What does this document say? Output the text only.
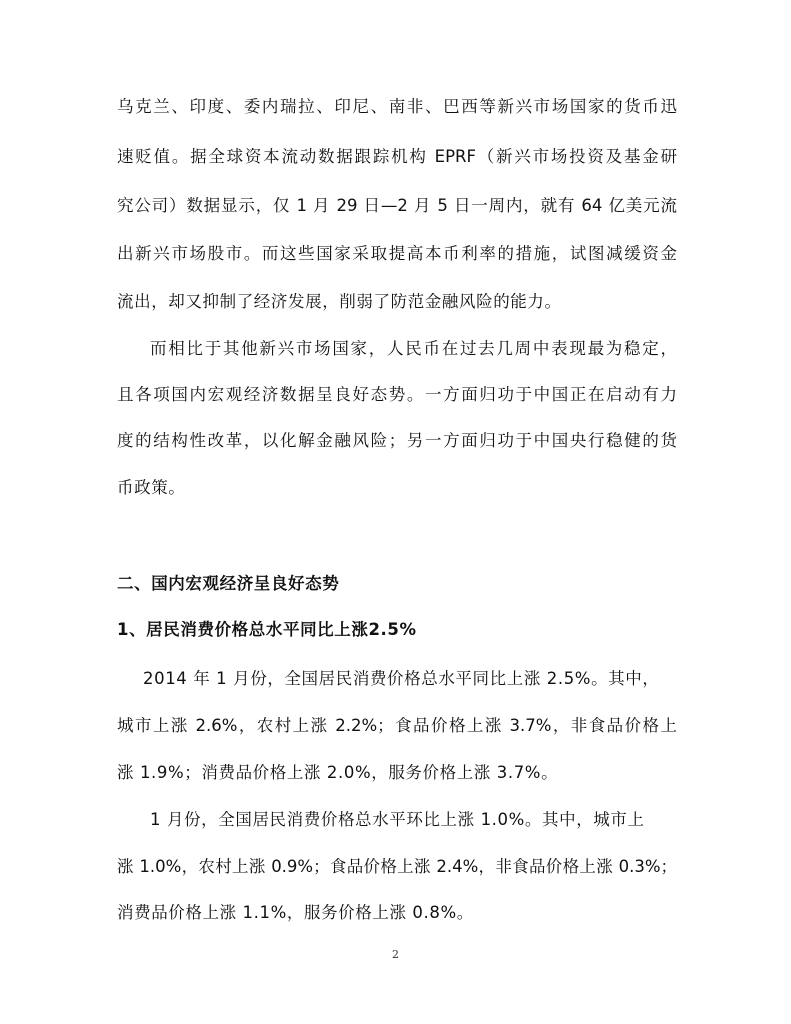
乌克兰、印度、委内瑞拉、印尼、南非、巴西等新兴市场国家的货币迅
速贬值。据全球资本流动数据跟踪机构 EPRF（新兴市场投资及基金研
究公司）数据显示，仅 1 月 29 日—2 月 5 日一周内，就有 64 亿美元流
出新兴市场股市。而这些国家采取提高本币利率的措施，试图减缓资金
流出，却又抑制了经济发展，削弱了防范金融风险的能力。
而相比于其他新兴市场国家，人民币在过去几周中表现最为稳定，
且各项国内宏观经济数据呈良好态势。一方面归功于中国正在启动有力
度的结构性改革，以化解金融风险；另一方面归功于中国央行稳健的货
币政策。
二、国内宏观经济呈良好态势
1、居民消费价格总水平同比上涨2.5%
2014 年 1 月份，全国居民消费价格总水平同比上涨 2.5%。其中，
城市上涨 2.6%，农村上涨 2.2%；食品价格上涨 3.7%，非食品价格上
涨 1.9%；消费品价格上涨 2.0%，服务价格上涨 3.7%。
1 月份，全国居民消费价格总水平环比上涨 1.0%。其中，城市上
涨 1.0%，农村上涨 0.9%；食品价格上涨 2.4%，非食品价格上涨 0.3%；
消费品价格上涨 1.1%，服务价格上涨 0.8%。
2
